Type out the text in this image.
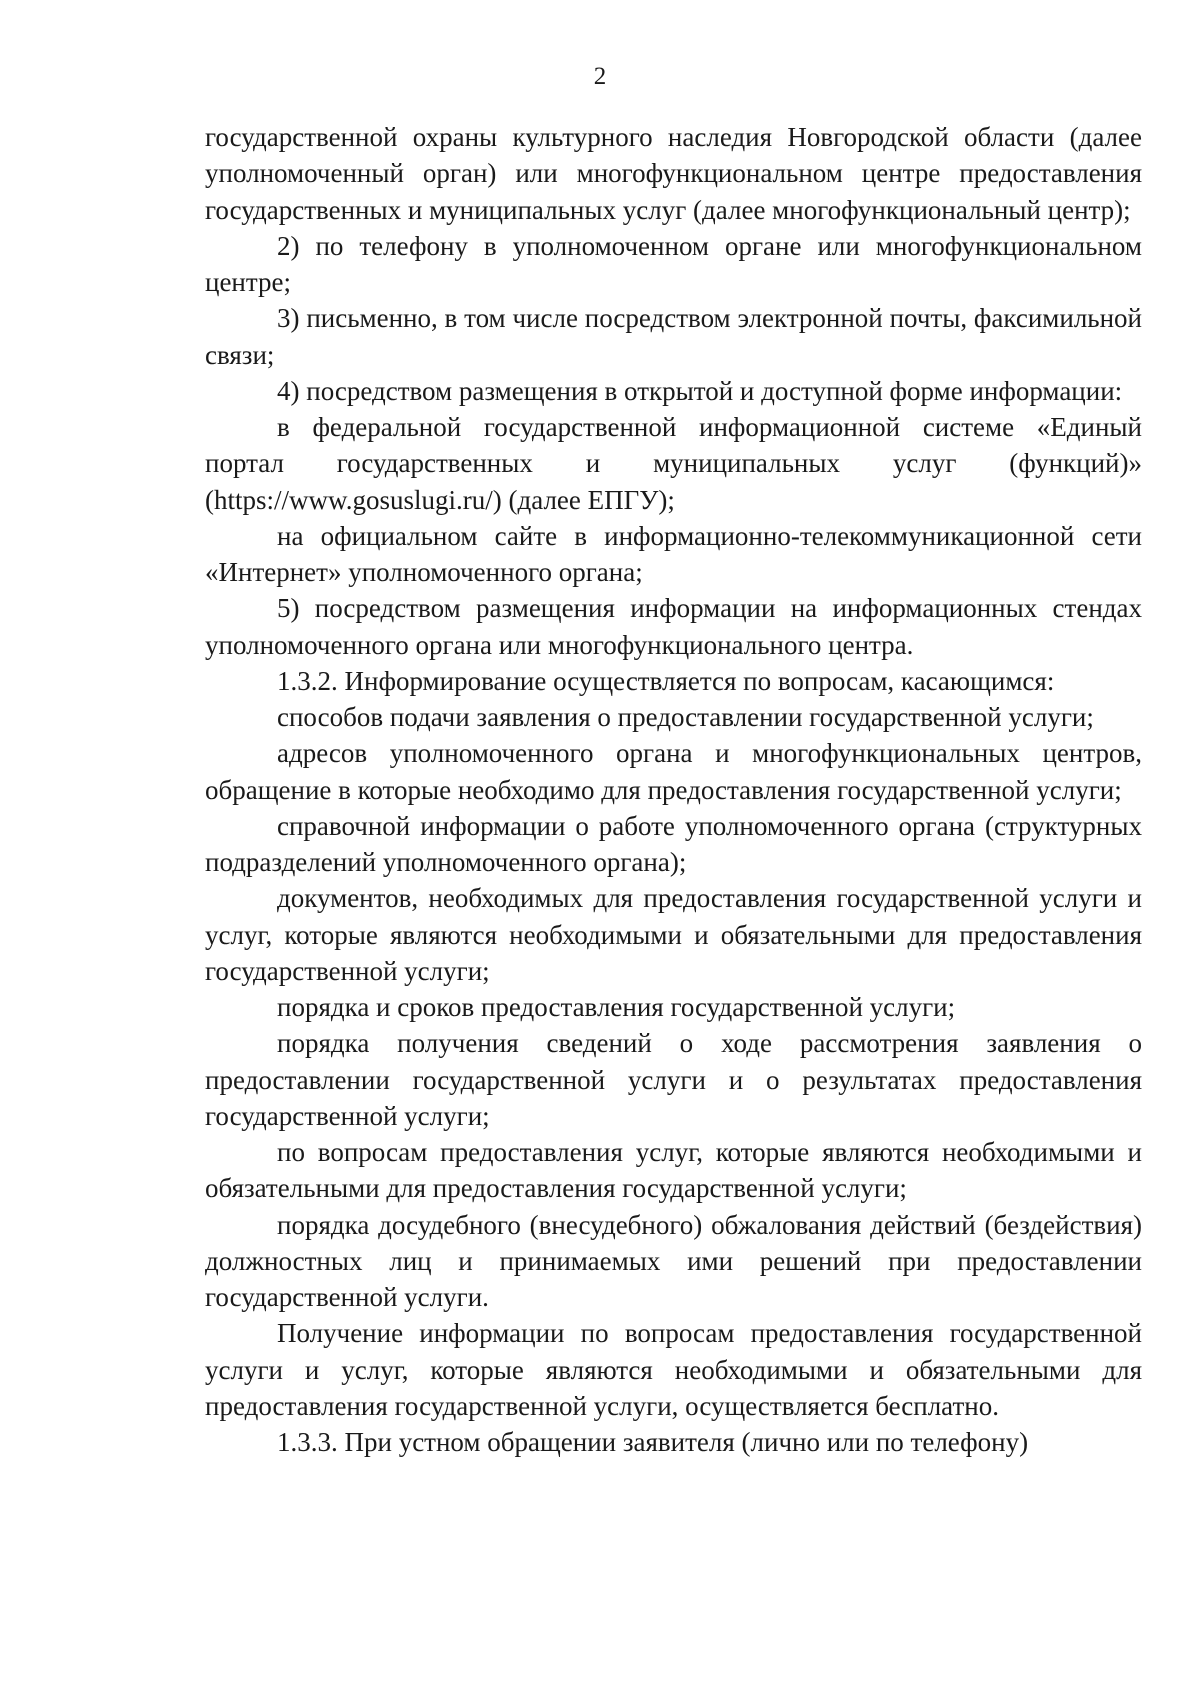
2

государственной охраны культурного наследия Новгородской области (далее уполномоченный орган) или многофункциональном центре предоставления государственных и муниципальных услуг (далее многофункциональный центр);

2) по телефону в уполномоченном органе или многофункциональном центре;

3) письменно, в том числе посредством электронной почты, факсимильной связи;

4) посредством размещения в открытой и доступной форме информации:

в федеральной государственной информационной системе «Единый портал государственных и муниципальных услуг (функций)» (https://www.gosuslugi.ru/) (далее ЕПГУ);

на официальном сайте в информационно-телекоммуникационной сети «Интернет» уполномоченного органа;

5) посредством размещения информации на информационных стендах уполномоченного органа или многофункционального центра.

1.3.2. Информирование осуществляется по вопросам, касающимся:

способов подачи заявления о предоставлении государственной услуги;

адресов уполномоченного органа и многофункциональных центров, обращение в которые необходимо для предоставления государственной услуги;

справочной информации о работе уполномоченного органа (структурных подразделений уполномоченного органа);

документов, необходимых для предоставления государственной услуги и услуг, которые являются необходимыми и обязательными для предоставления государственной услуги;

порядка и сроков предоставления государственной услуги;

порядка получения сведений о ходе рассмотрения заявления о предоставлении государственной услуги и о результатах предоставления государственной услуги;

по вопросам предоставления услуг, которые являются необходимыми и обязательными для предоставления государственной услуги;

порядка досудебного (внесудебного) обжалования действий (бездействия) должностных лиц и принимаемых ими решений при предоставлении государственной услуги.

Получение информации по вопросам предоставления государственной услуги и услуг, которые являются необходимыми и обязательными для предоставления государственной услуги, осуществляется бесплатно.

1.3.3. При устном обращении заявителя (лично или по телефону)
